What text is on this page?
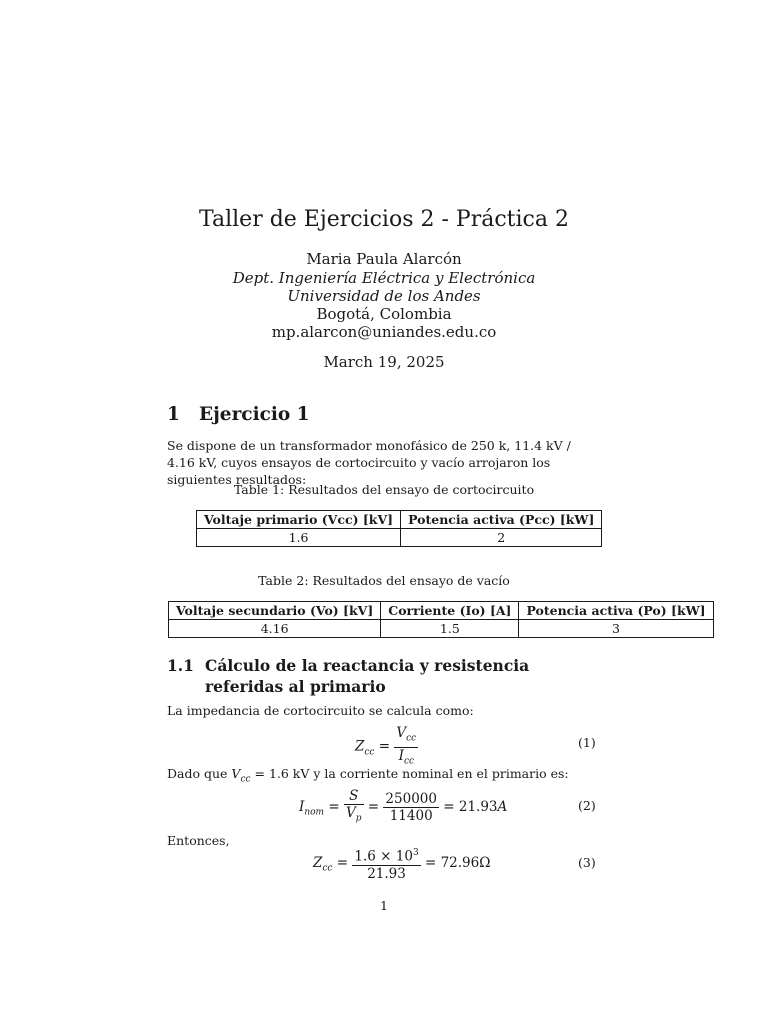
Taller de Ejercicios 2 - Práctica 2
Maria Paula Alarcón
Dept. Ingeniería Eléctrica y Electrónica
Universidad de los Andes
Bogotá, Colombia
mp.alarcon@uniandes.edu.co
March 19, 2025
1 Ejercicio 1
Se dispone de un transformador monofásico de 250 k, 11.4 kV / 4.16 kV, cuyos ensayos de cortocircuito y vacío arrojaron los siguientes resultados:
Table 1: Resultados del ensayo de cortocircuito
Voltaje primario (Vcc) [kV]	Potencia activa (Pcc) [kW]
1.6	2
Table 2: Resultados del ensayo de vacío
Voltaje secundario (Vo) [kV]	Corriente (Io) [A]	Potencia activa (Po) [kW]
4.16	1.5	3
1.1 Cálculo de la reactancia y resistencia referidas al primario
La impedancia de cortocircuito se calcula como:
$Z_{cc} = \frac{V_{cc}}{I_{cc}}$	(1)
Dado que $V_{cc} = 1.6$ kV y la corriente nominal en el primario es:
$I_{nom} = \frac{S}{V_p} = \frac{250000}{11400} = 21.93A$	(2)
Entonces,
$Z_{cc} = \frac{1.6 \times 10^3}{21.93} = 72.96\Omega$	(3)
1
